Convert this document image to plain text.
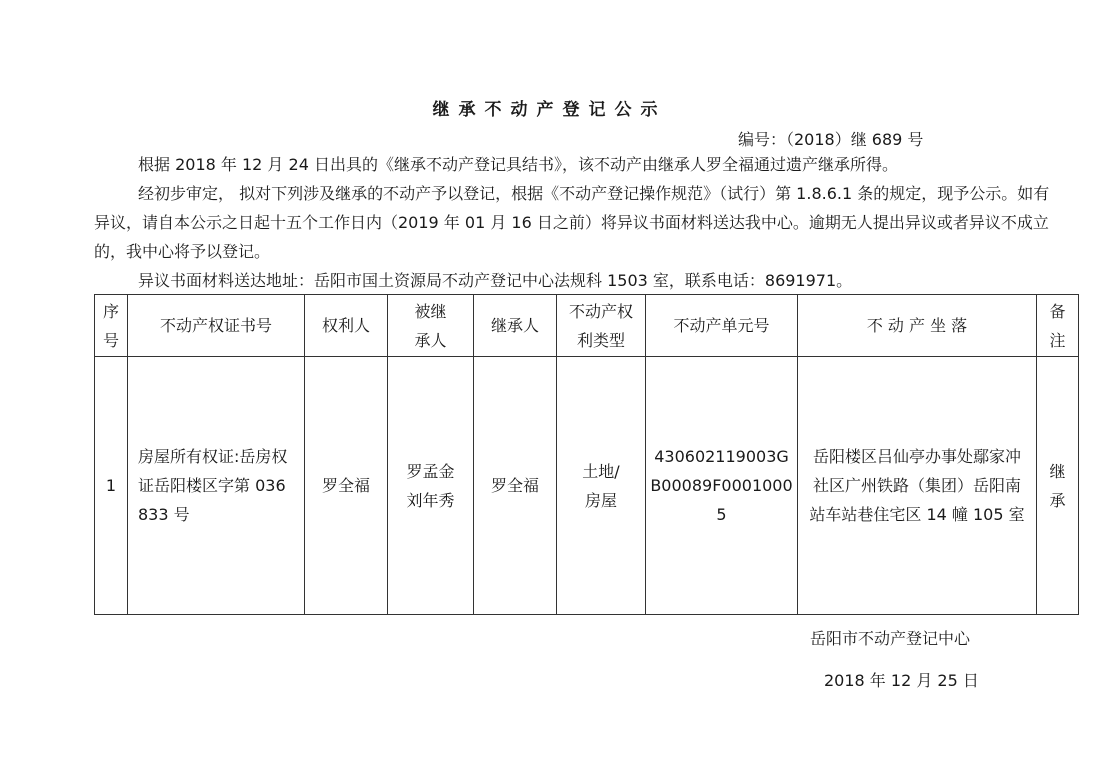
继承不动产登记公示
编号：（2018）继 689 号
根据 2018 年 12 月 24 日出具的《继承不动产登记具结书》，该不动产由继承人罗全福通过遗产继承所得。
经初步审定， 拟对下列涉及继承的不动产予以登记，根据《不动产登记操作规范》（试行）第 1.8.6.1 条的规定，现予公示。如有异议，请自本公示之日起十五个工作日内（2019 年 01 月 16 日之前）将异议书面材料送达我中心。逾期无人提出异议或者异议不成立的，我中心将予以登记。
异议书面材料送达地址：岳阳市国土资源局不动产登记中心法规科 1503 室，联系电话：8691971。
序号	不动产权证书号	权利人	被继承人	继承人	不动产权利类型	不动产单元号	不 动 产 坐 落	备注
1	房屋所有权证:岳房权证岳阳楼区字第 036833 号	罗全福	罗孟金刘年秀	罗全福	土地/房屋	430602119003GB00089F00010005	岳阳楼区吕仙亭办事处鄢家冲社区广州铁路（集团）岳阳南站车站巷住宅区 14 幢 105 室	继承
岳阳市不动产登记中心
2018 年 12 月 25 日
